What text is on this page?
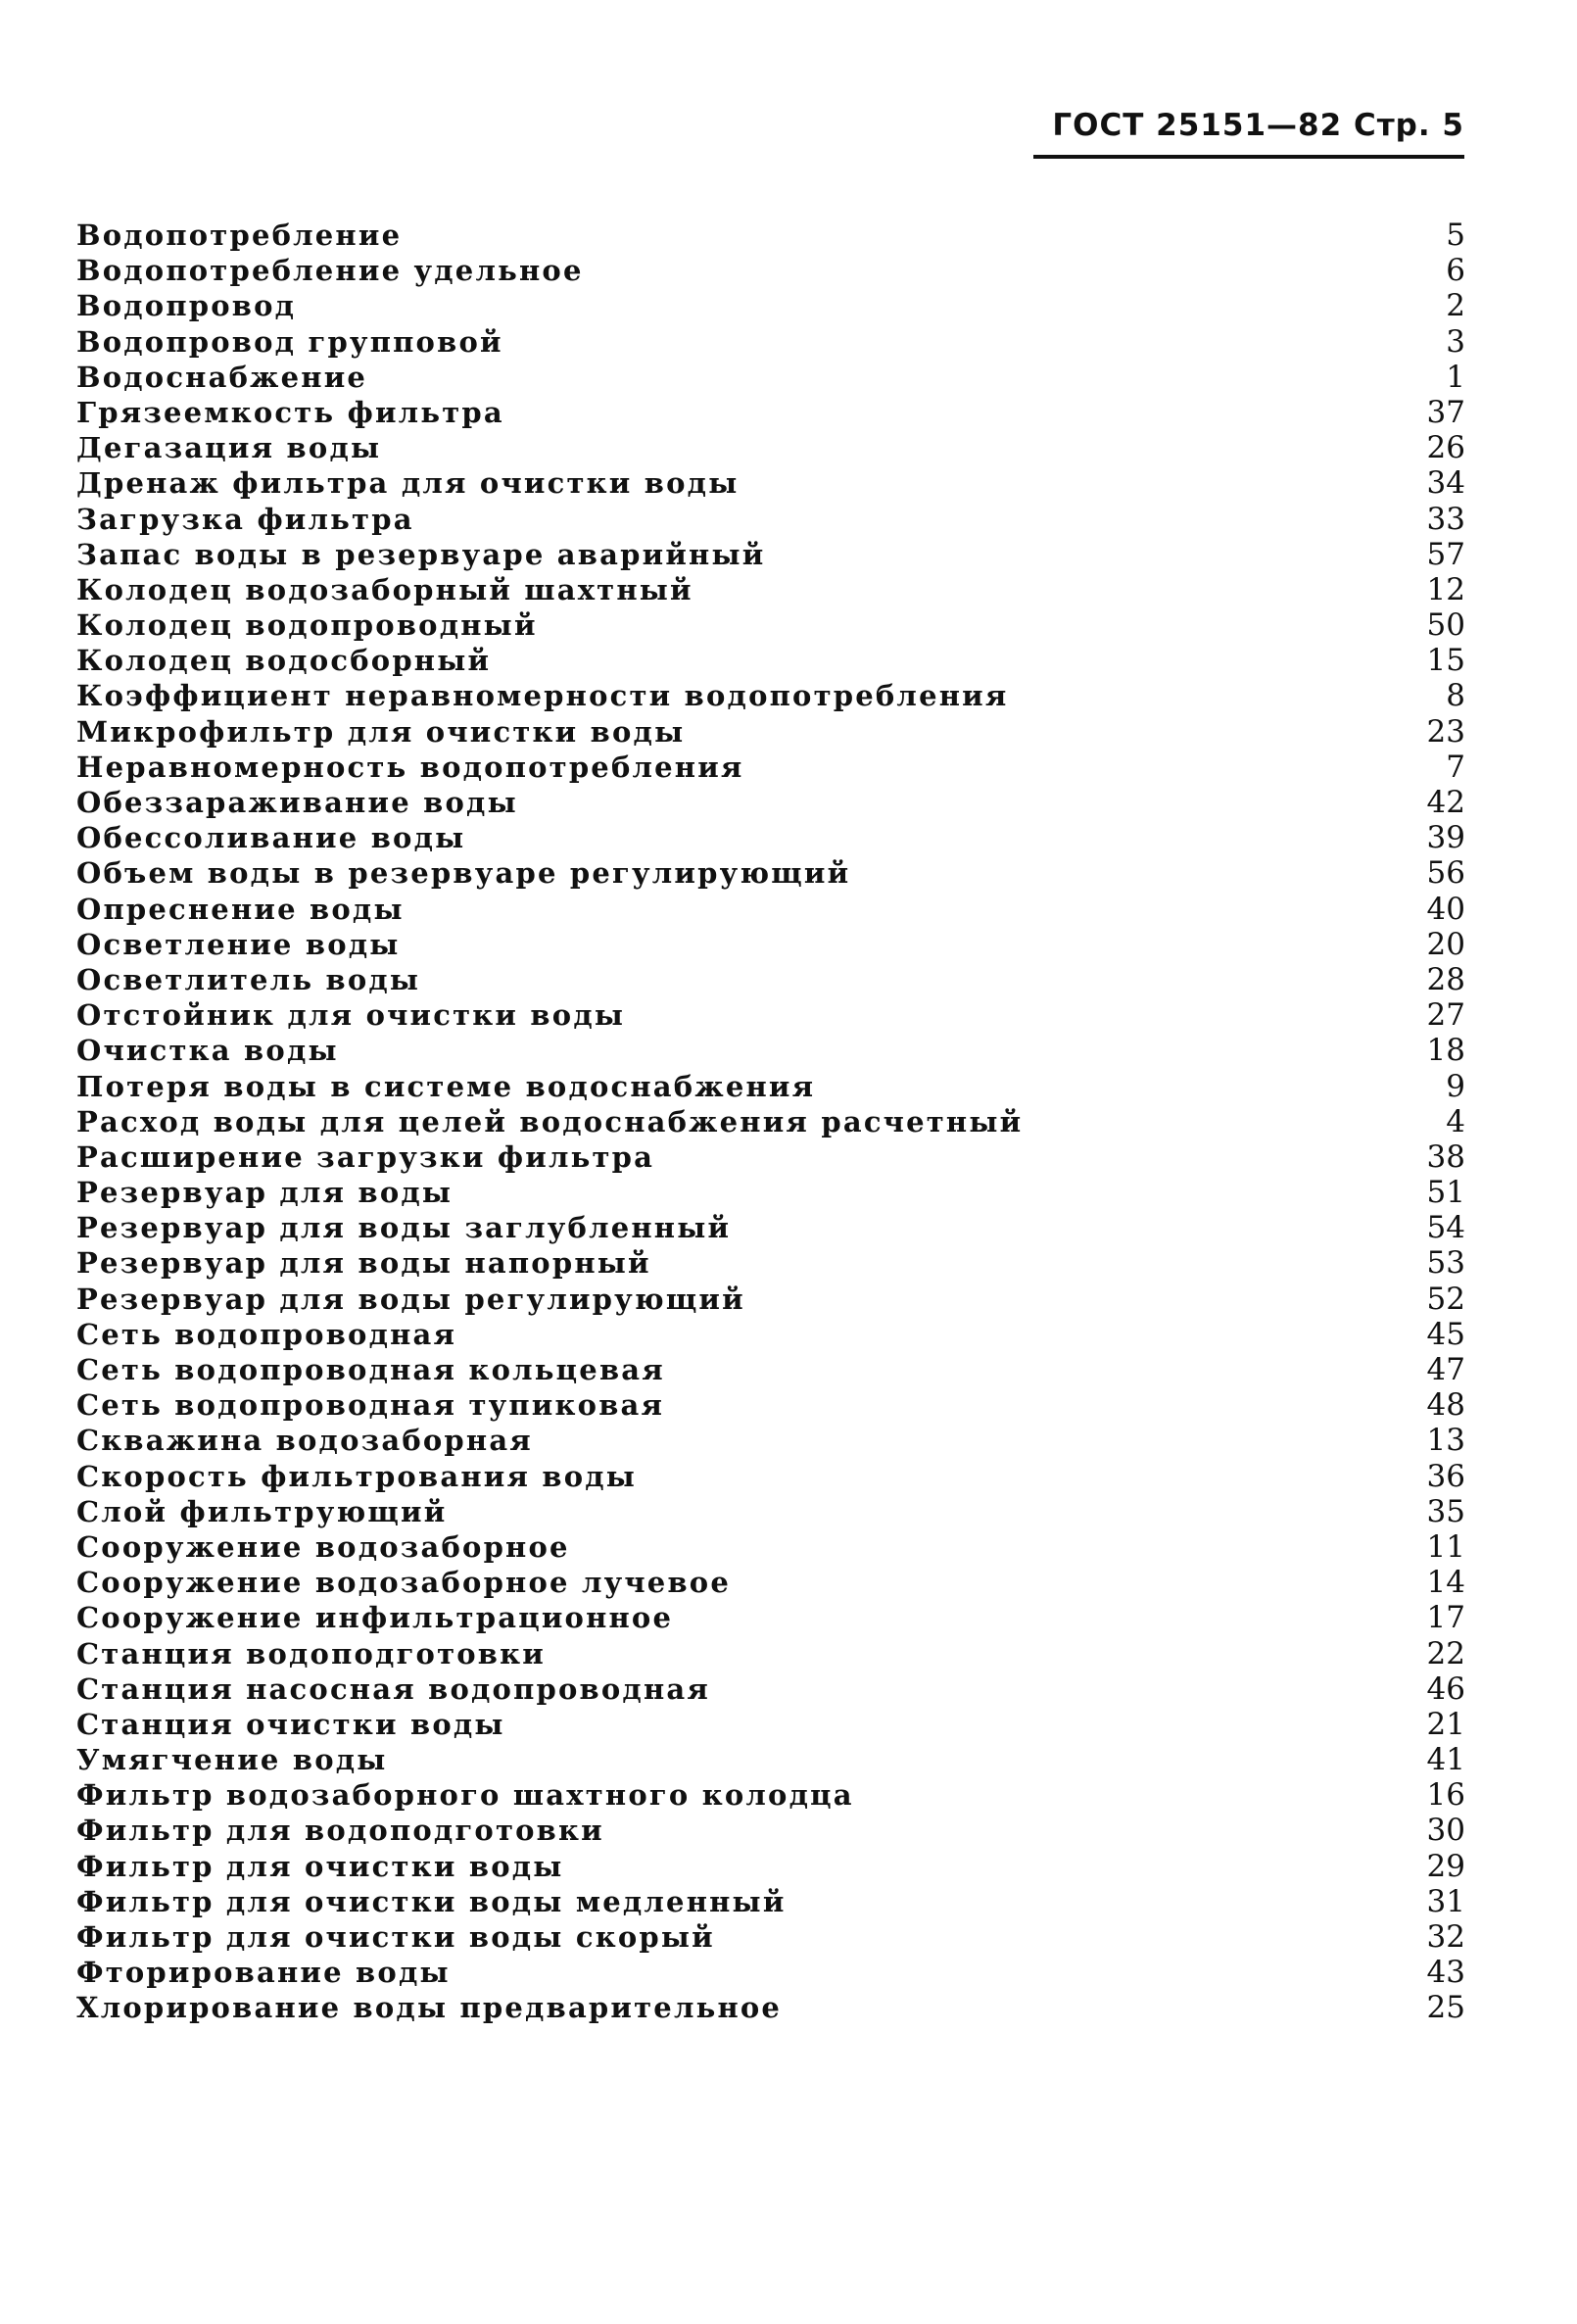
ГОСТ 25151—82 Стр. 5
Водопотребление	5
Водопотребление удельное	6
Водопровод	2
Водопровод групповой	3
Водоснабжение	1
Грязеемкость фильтра	37
Дегазация воды	26
Дренаж фильтра для очистки воды	34
Загрузка фильтра	33
Запас воды в резервуаре аварийный	57
Колодец водозаборный шахтный	12
Колодец водопроводный	50
Колодец водосборный	15
Коэффициент неравномерности водопотребления	8
Микрофильтр для очистки воды	23
Неравномерность водопотребления	7
Обеззараживание воды	42
Обессоливание воды	39
Объем воды в резервуаре регулирующий	56
Опреснение воды	40
Осветление воды	20
Осветлитель воды	28
Отстойник для очистки воды	27
Очистка воды	18
Потеря воды в системе водоснабжения	9
Расход воды для целей водоснабжения расчетный	4
Расширение загрузки фильтра	38
Резервуар для воды	51
Резервуар для воды заглубленный	54
Резервуар для воды напорный	53
Резервуар для воды регулирующий	52
Сеть водопроводная	45
Сеть водопроводная кольцевая	47
Сеть водопроводная тупиковая	48
Скважина водозаборная	13
Скорость фильтрования воды	36
Слой фильтрующий	35
Сооружение водозаборное	11
Сооружение водозаборное лучевое	14
Сооружение инфильтрационное	17
Станция водоподготовки	22
Станция насосная водопроводная	46
Станция очистки воды	21
Умягчение воды	41
Фильтр водозаборного шахтного колодца	16
Фильтр для водоподготовки	30
Фильтр для очистки воды	29
Фильтр для очистки воды медленный	31
Фильтр для очистки воды скорый	32
Фторирование воды	43
Хлорирование воды предварительное	25
